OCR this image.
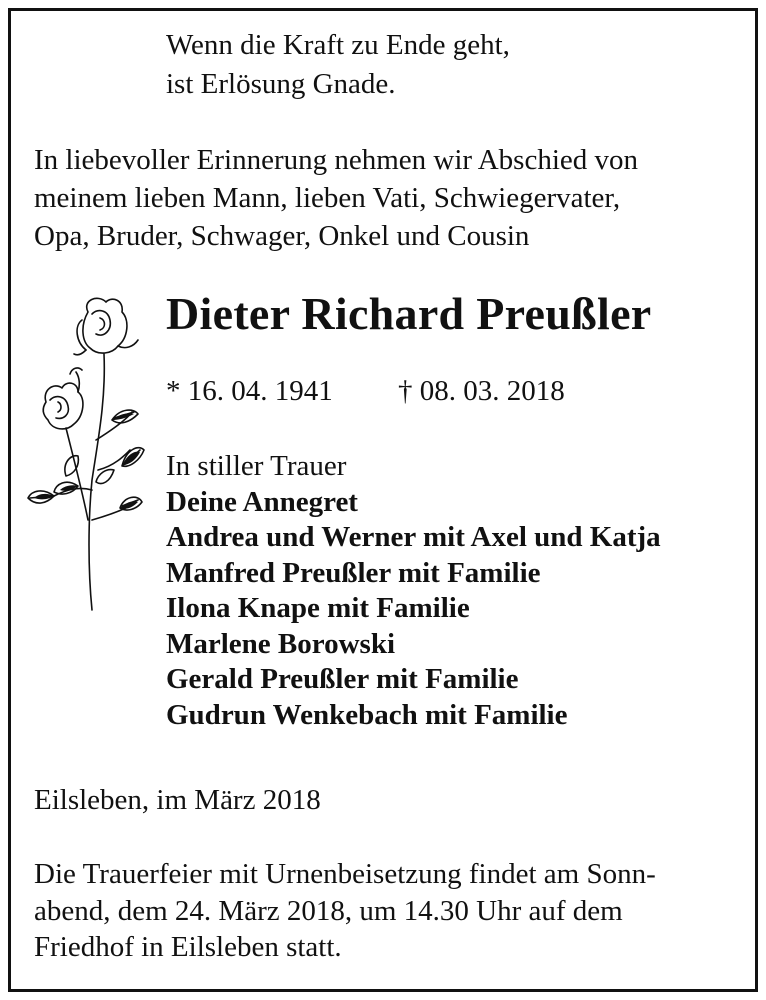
Wenn die Kraft zu Ende geht,
ist Erlösung Gnade.
In liebevoller Erinnerung nehmen wir Abschied von
meinem lieben Mann, lieben Vati, Schwiegervater,
Opa, Bruder, Schwager, Onkel und Cousin
Dieter Richard Preußler
* 16. 04. 1941 † 08. 03. 2018
In stiller Trauer
Deine Annegret
Andrea und Werner mit Axel und Katja
Manfred Preußler mit Familie
Ilona Knape mit Familie
Marlene Borowski
Gerald Preußler mit Familie
Gudrun Wenkebach mit Familie
Eilsleben, im März 2018
Die Trauerfeier mit Urnenbeisetzung findet am Sonn-
abend, dem 24. März 2018, um 14.30 Uhr auf dem
Friedhof in Eilsleben statt.
